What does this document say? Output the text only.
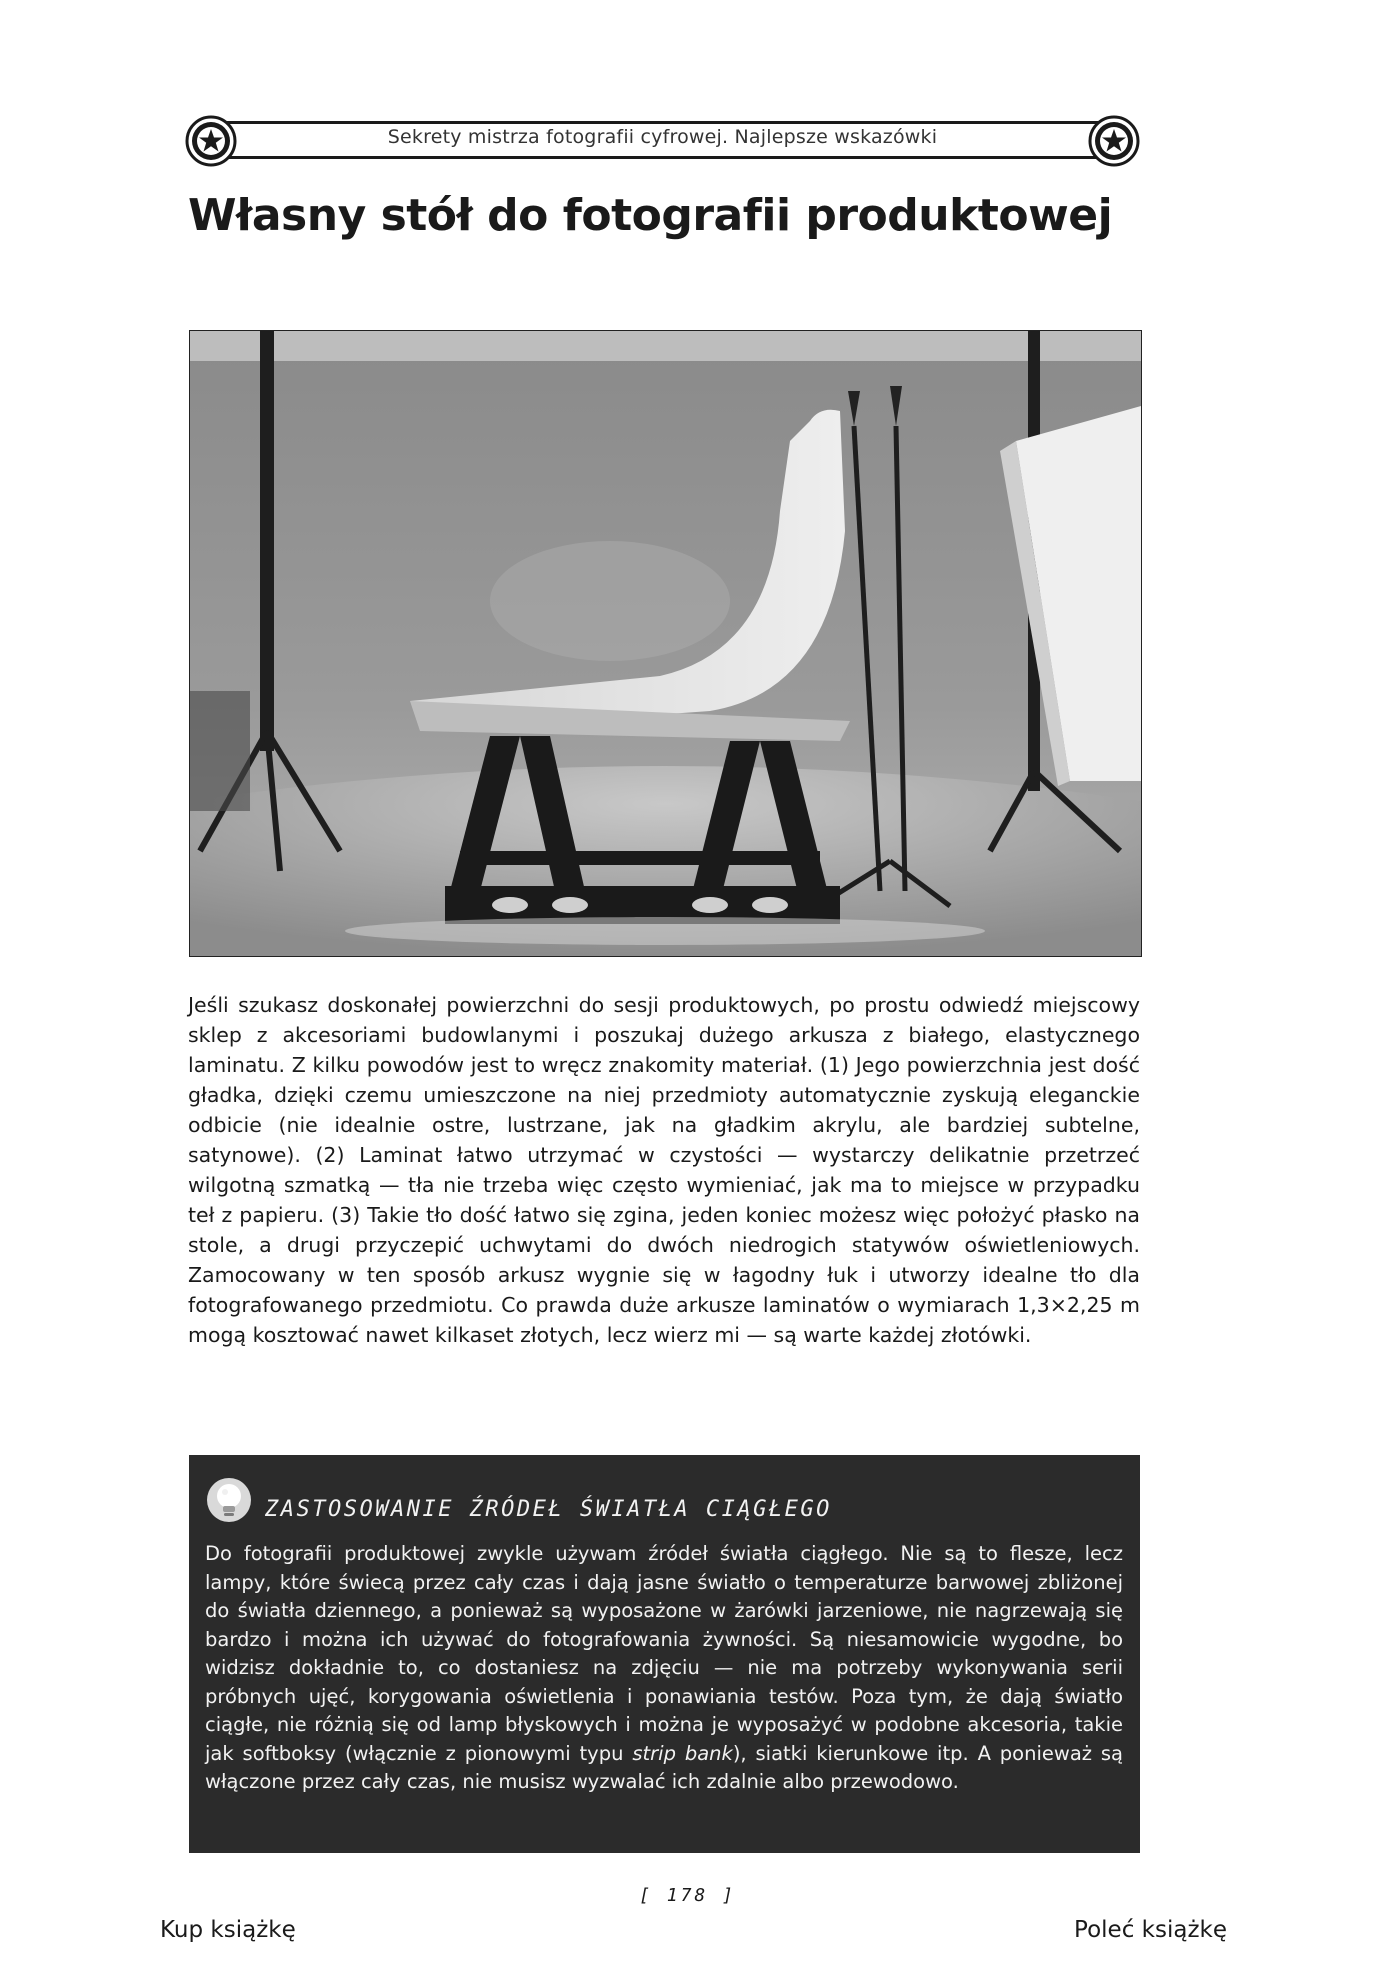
Sekrety mistrza fotografii cyfrowej. Najlepsze wskazówki
Własny stół do fotografii produktowej

Jeśli szukasz doskonałej powierzchni do sesji produktowych, po prostu odwiedź miejscowy sklep z akcesoriami budowlanymi i poszukaj dużego arkusza z białego, elastycznego laminatu. Z kilku powodów jest to wręcz znakomity materiał. (1) Jego powierzchnia jest dość gładka, dzięki czemu umieszczone na niej przedmioty automatycznie zyskują eleganckie odbicie (nie idealnie ostre, lustrzane, jak na gładkim akrylu, ale bardziej subtelne, satynowe). (2) Laminat łatwo utrzymać w czystości — wystarczy delikatnie przetrzeć wilgotną szmatką — tła nie trzeba więc często wymieniać, jak ma to miejsce w przypadku teł z papieru. (3) Takie tło dość łatwo się zgina, jeden koniec możesz więc położyć płasko na stole, a drugi przyczepić uchwytami do dwóch niedrogich statywów oświetleniowych. Zamocowany w ten sposób arkusz wygnie się w łagodny łuk i utworzy idealne tło dla fotografowanego przedmiotu. Co prawda duże arkusze laminatów o wymiarach 1,3×2,25 m mogą kosztować nawet kilkaset złotych, lecz wierz mi — są warte każdej złotówki.

ZASTOSOWANIE ŹRÓDEŁ ŚWIATŁA CIĄGŁEGO

Do fotografii produktowej zwykle używam źródeł światła ciągłego. Nie są to flesze, lecz lampy, które świecą przez cały czas i dają jasne światło o temperaturze barwowej zbliżonej do światła dziennego, a ponieważ są wyposażone w żarówki jarzeniowe, nie nagrzewają się bardzo i można ich używać do fotografowania żywności. Są niesamowicie wygodne, bo widzisz dokładnie to, co dostaniesz na zdjęciu — nie ma potrzeby wykonywania serii próbnych ujęć, korygowania oświetlenia i ponawiania testów. Poza tym, że dają światło ciągłe, nie różnią się od lamp błyskowych i można je wyposażyć w podobne akcesoria, takie jak softboksy (włącznie z pionowymi typu strip bank), siatki kierunkowe itp. A ponieważ są włączone przez cały czas, nie musisz wyzwalać ich zdalnie albo przewodowo.

[ 178 ]
Kup książkę	Poleć książkę
